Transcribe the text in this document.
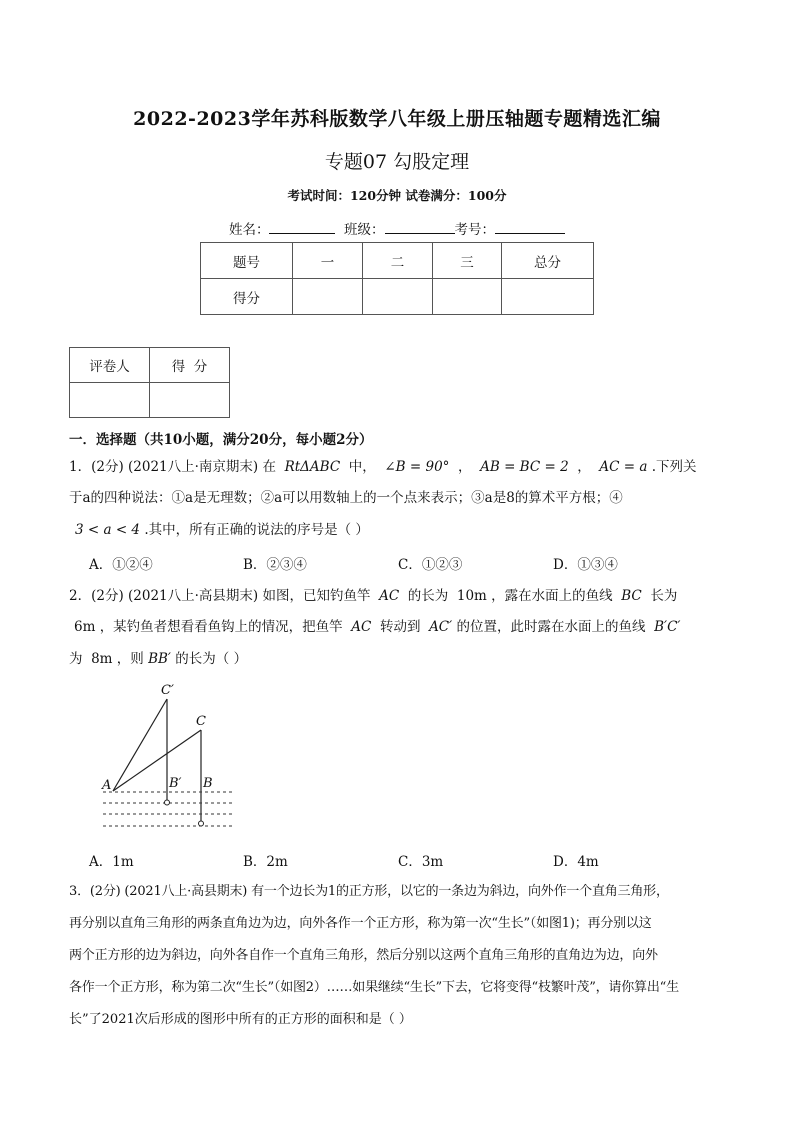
2022-2023学年苏科版数学八年级上册压轴题专题精选汇编
专题07 勾股定理
考试时间：120分钟 试卷满分：100分
姓名：	班级：	考号：
题号	一	二	三	总分
得分				
评卷人	得  分

一．选择题（共10小题，满分20分，每小题2分）
1．(2分) (2021八上·南京期末) 在 RtΔABC 中， ∠B = 90° ， AB = BC = 2 ， AC = a .下列关
于a的四种说法：①a是无理数；②a可以用数轴上的一个点来表示；③a是8的算术平方根；④
3 < a < 4 .其中，所有正确的说法的序号是（ ）
A．①②④	B．②③④	C．①②③	D．①③④
2．(2分) (2021八上·高县期末) 如图，已知钓鱼竿 AC 的长为 10m ，露在水面上的鱼线 BC 长为
6m ，某钓鱼者想看看鱼钩上的情况，把鱼竿 AC 转动到 AC′ 的位置，此时露在水面上的鱼线 B′C′
为 8m ，则 BB′ 的长为（ ）
C′
C
A	B′ B
A．1m	B．2m	C．3m	D．4m
3．(2分) (2021八上·高县期末) 有一个边长为1的正方形，以它的一条边为斜边，向外作一个直角三角形，
再分别以直角三角形的两条直角边为边，向外各作一个正方形，称为第一次“生长”（如图1)；再分别以这
两个正方形的边为斜边，向外各自作一个直角三角形，然后分别以这两个直角三角形的直角边为边，向外
各作一个正方形，称为第二次“生长”（如图2）……如果继续“生长”下去，它将变得“枝繁叶茂”，请你算出“生
长”了2021次后形成的图形中所有的正方形的面积和是（ ）
